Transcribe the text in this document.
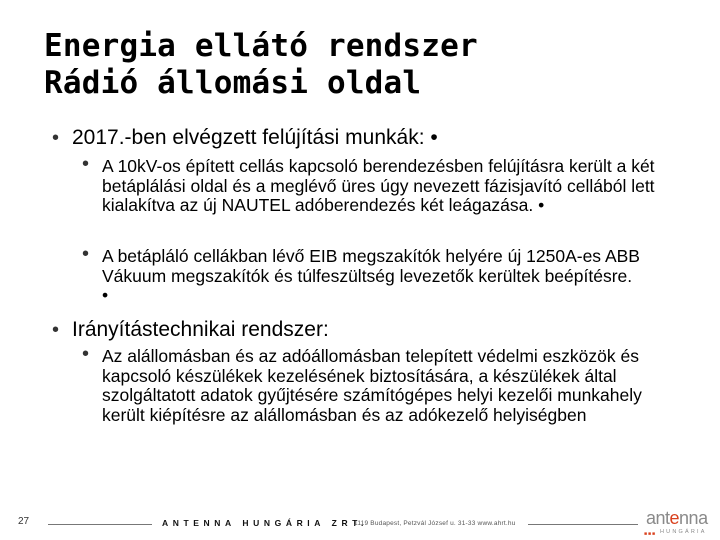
Energia ellátó rendszer
Rádió állomási oldal
• 2017.-ben elvégzett felújítási munkák: •
• A 10kV-os épített cellás kapcsoló berendezésben felújításra került a két betáplálási oldal és a meglévő üres úgy nevezett fázisjavító cellából lett kialakítva az új NAUTEL adóberendezés két leágazása. •
• A betápláló cellákban lévő EIB megszakítók helyére új 1250A-es ABB Vákuum megszakítók és túlfeszültség levezetők kerültek beépítésre. •
• Irányítástechnikai rendszer:
• Az alállomásban és az adóállomásban telepített védelmi eszközök és kapcsoló készülékek kezelésének biztosítására, a készülékek által szolgáltatott adatok gyűjtésére számítógépes helyi kezelői munkahely került kiépítésre az alállomásban és az adókezelő helyiségben
27	ANTENNA HUNGÁRIA ZRT.
1119 Budapest, Petzvál József u. 31-33 www.ahrt.hu	antenna
■■■ HUNGÁRIA
